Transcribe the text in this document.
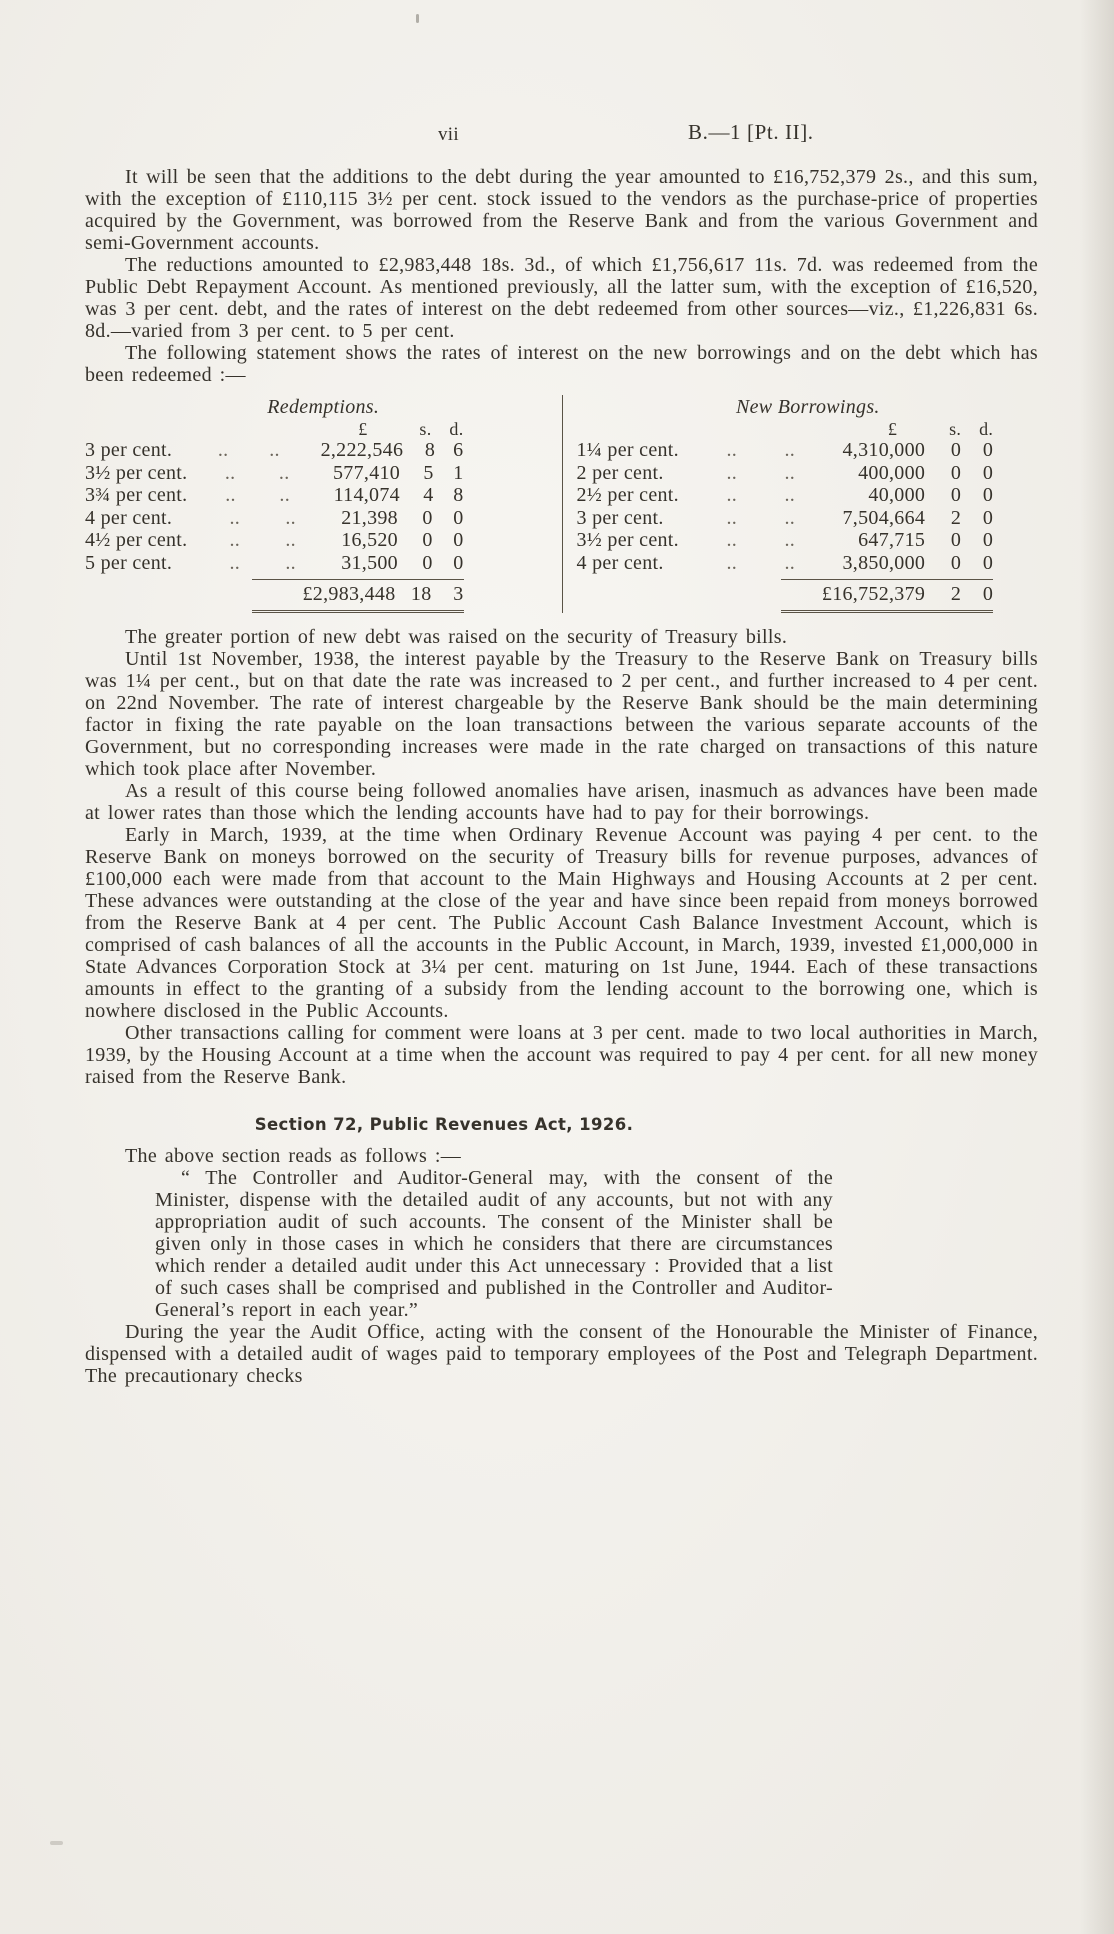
vii	B.—1 [Pt. II].

It will be seen that the additions to the debt during the year amounted to £16,752,379 2s., and this sum, with the exception of £110,115 3½ per cent. stock issued to the vendors as the purchase-price of properties acquired by the Government, was borrowed from the Reserve Bank and from the various Government and semi-Government accounts.

The reductions amounted to £2,983,448 18s. 3d., of which £1,756,617 11s. 7d. was redeemed from the Public Debt Repayment Account. As mentioned previously, all the latter sum, with the exception of £16,520, was 3 per cent. debt, and the rates of interest on the debt redeemed from other sources—viz., £1,226,831 6s. 8d.—varied from 3 per cent. to 5 per cent.

The following statement shows the rates of interest on the new borrowings and on the debt which has been redeemed :—

Redemptions.
£	s. d.
3 per cent.	..	..	2,222,546	8 6
3½ per cent.	..	..	577,410	5 1
3¾ per cent.	..	..	114,074	4 8
4 per cent.	..	..	21,398	0	0
4½ per cent.	..	..	16,520	0	0
5 per cent.	..	..	31,500	0	0
£2,983,448 18	3
New Borrowings.
£	s. d.
1¼ per cent.	..	..	4,310,000	0	0
2 per cent.	..	..	400,000	0	0
2½ per cent.	..	..	40,000	0	0
3 per cent.	..	..	7,504,664	2	0
3½ per cent.	..	..	647,715	0	0
4 per cent.	..	..	3,850,000	0	0
£16,752,379	2	0

The greater portion of new debt was raised on the security of Treasury bills.

Until 1st November, 1938, the interest payable by the Treasury to the Reserve Bank on Treasury bills was 1¼ per cent., but on that date the rate was increased to 2 per cent., and further increased to 4 per cent. on 22nd November. The rate of interest chargeable by the Reserve Bank should be the main determining factor in fixing the rate payable on the loan transactions between the various separate accounts of the Government, but no corresponding increases were made in the rate charged on transactions of this nature which took place after November.

As a result of this course being followed anomalies have arisen, inasmuch as advances have been made at lower rates than those which the lending accounts have had to pay for their borrowings.

Early in March, 1939, at the time when Ordinary Revenue Account was paying 4 per cent. to the Reserve Bank on moneys borrowed on the security of Treasury bills for revenue purposes, advances of £100,000 each were made from that account to the Main Highways and Housing Accounts at 2 per cent. These advances were outstanding at the close of the year and have since been repaid from moneys borrowed from the Reserve Bank at 4 per cent. The Public Account Cash Balance Investment Account, which is comprised of cash balances of all the accounts in the Public Account, in March, 1939, invested £1,000,000 in State Advances Corporation Stock at 3¼ per cent. maturing on 1st June, 1944. Each of these transactions amounts in effect to the granting of a subsidy from the lending account to the borrowing one, which is nowhere disclosed in the Public Accounts.

Other transactions calling for comment were loans at 3 per cent. made to two local authorities in March, 1939, by the Housing Account at a time when the account was required to pay 4 per cent. for all new money raised from the Reserve Bank.

Section 72, Public Revenues Act, 1926.

The above section reads as follows :—

“ The Controller and Auditor-General may, with the consent of the Minister, dispense with the detailed audit of any accounts, but not with any appropriation audit of such accounts. The consent of the Minister shall be given only in those cases in which he considers that there are circumstances which render a detailed audit under this Act unnecessary : Provided that a list of such cases shall be comprised and published in the Controller and Auditor-General’s report in each year.”

During the year the Audit Office, acting with the consent of the Honourable the Minister of Finance, dispensed with a detailed audit of wages paid to temporary employees of the Post and Telegraph Department. The precautionary checks
